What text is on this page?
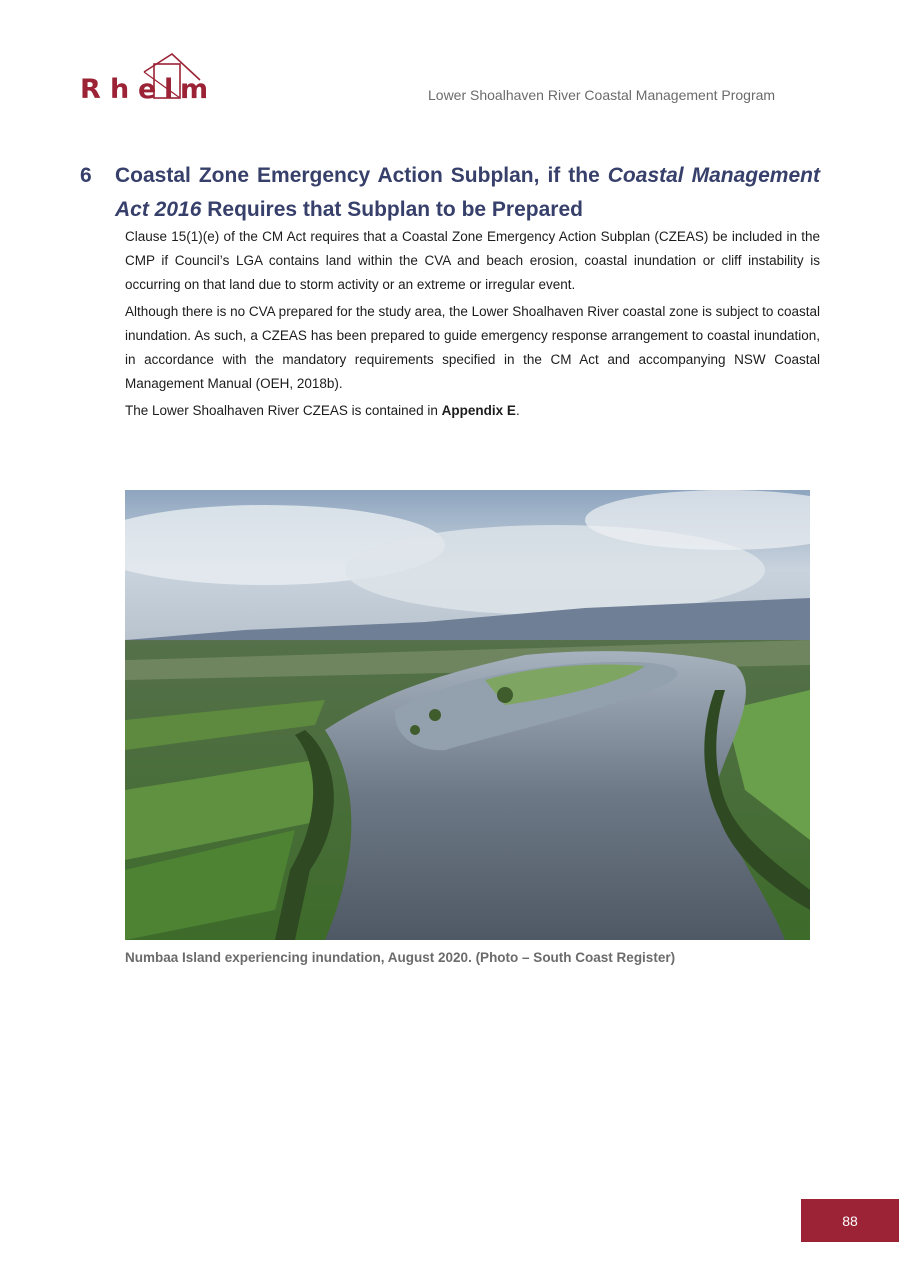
R h e l m	Lower Shoalhaven River Coastal Management Program
6 Coastal Zone Emergency Action Subplan, if the Coastal Management
Act 2016 Requires that Subplan to be Prepared

Clause 15(1)(e) of the CM Act requires that a Coastal Zone Emergency Action Subplan (CZEAS) be included in the CMP if Council’s LGA contains land within the CVA and beach erosion, coastal inundation or cliff instability is occurring on that land due to storm activity or an extreme or irregular event.

Although there is no CVA prepared for the study area, the Lower Shoalhaven River coastal zone is subject to coastal inundation. As such, a CZEAS has been prepared to guide emergency response arrangement to coastal inundation, in accordance with the mandatory requirements specified in the CM Act and accompanying NSW Coastal Management Manual (OEH, 2018b).

The Lower Shoalhaven River CZEAS is contained in Appendix E.

Numbaa Island experiencing inundation, August 2020. (Photo – South Coast Register)
88
